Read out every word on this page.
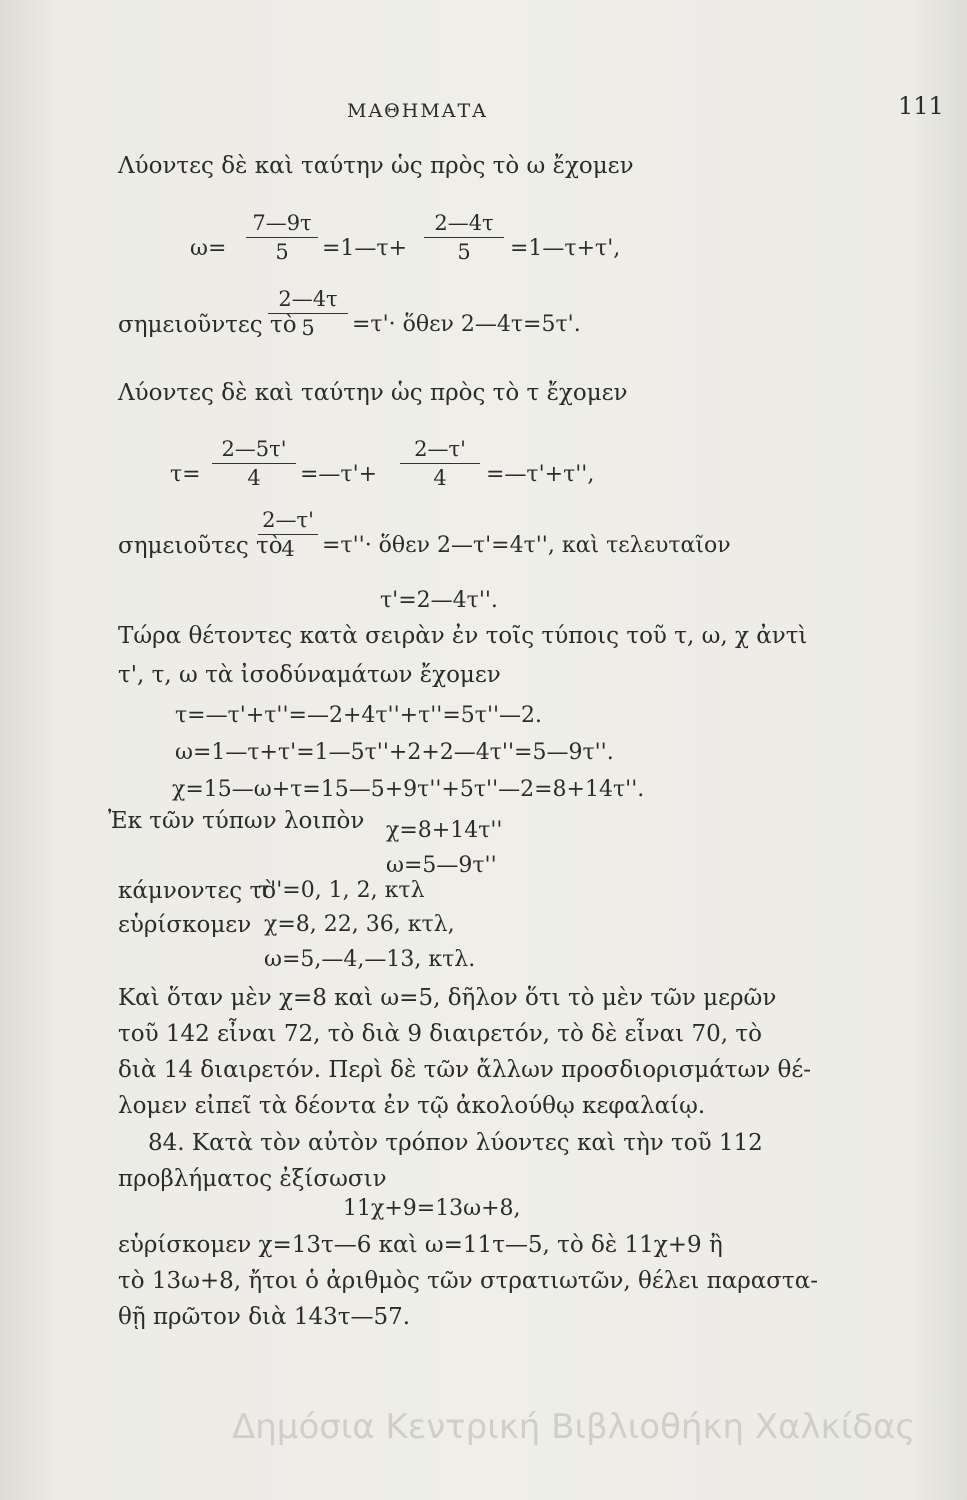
ΜΑΘΗΜΑΤΑ	111
Λύοντες δὲ καὶ ταύτην ὡς πρὸς τὸ ω ἔχομεν
ω=
7—9τ
5	=1—τ+
2—4τ
5	=1—τ+τ',
σημειοῦντες τὸ
2—4τ
5	=τ'· ὅθεν 2—4τ=5τ'.
Λύοντες δὲ καὶ ταύτην ὡς πρὸς τὸ τ ἔχομεν
τ=
2—5τ'
4	=—τ'+
2—τ'
4	=—τ'+τ'',
σημειοῦτες τὸ
2—τ'
4	=τ''· ὅθεν 2—τ'=4τ'', καὶ τελευταῖον
τ'=2—4τ''.
Τώρα θέτοντες κατὰ σειρὰν ἐν τοῖς τύποις τοῦ τ, ω, χ ἀντὶ
τ', τ, ω τὰ ἰσοδύναμάτων ἔχομεν
τ=—τ'+τ''=—2+4τ''+τ''=5τ''—2.
ω=1—τ+τ'=1—5τ''+2+2—4τ''=5—9τ''.
χ=15—ω+τ=15—5+9τ''+5τ''—2=8+14τ''.
Ἐκ τῶν τύπων λοιπὸν χ=8+14τ''
ω=5—9τ''
κάμνοντες τὸ
τ''=0, 1, 2, κτλ
εὑρίσκομεν χ=8, 22, 36, κτλ,
ω=5,—4,—13, κτλ.
Καὶ ὅταν μὲν χ=8 καὶ ω=5, δῆλον ὅτι τὸ μὲν τῶν μερῶν
τοῦ 142 εἶναι 72, τὸ διὰ 9 διαιρετόν, τὸ δὲ εἶναι 70, τὸ
διὰ 14 διαιρετόν. Περὶ δὲ τῶν ἄλλων προσδιορισμάτων θέ-
λομεν εἰπεῖ τὰ δέοντα ἐν τῷ ἀκολούθῳ κεφαλαίῳ.
84. Κατὰ τὸν αὐτὸν τρόπον λύοντες καὶ τὴν τοῦ 112
προβλήματος ἐξίσωσιν
11χ+9=13ω+8,
εὑρίσκομεν χ=13τ—6 καὶ ω=11τ—5, τὸ δὲ 11χ+9 ἢ
τὸ 13ω+8, ἤτοι ὁ ἀριθμὸς τῶν στρατιωτῶν, θέλει παραστα-
θῇ πρῶτον διὰ 143τ—57.
Δημόσια Κεντρική Βιβλιοθήκη Χαλκίδας
